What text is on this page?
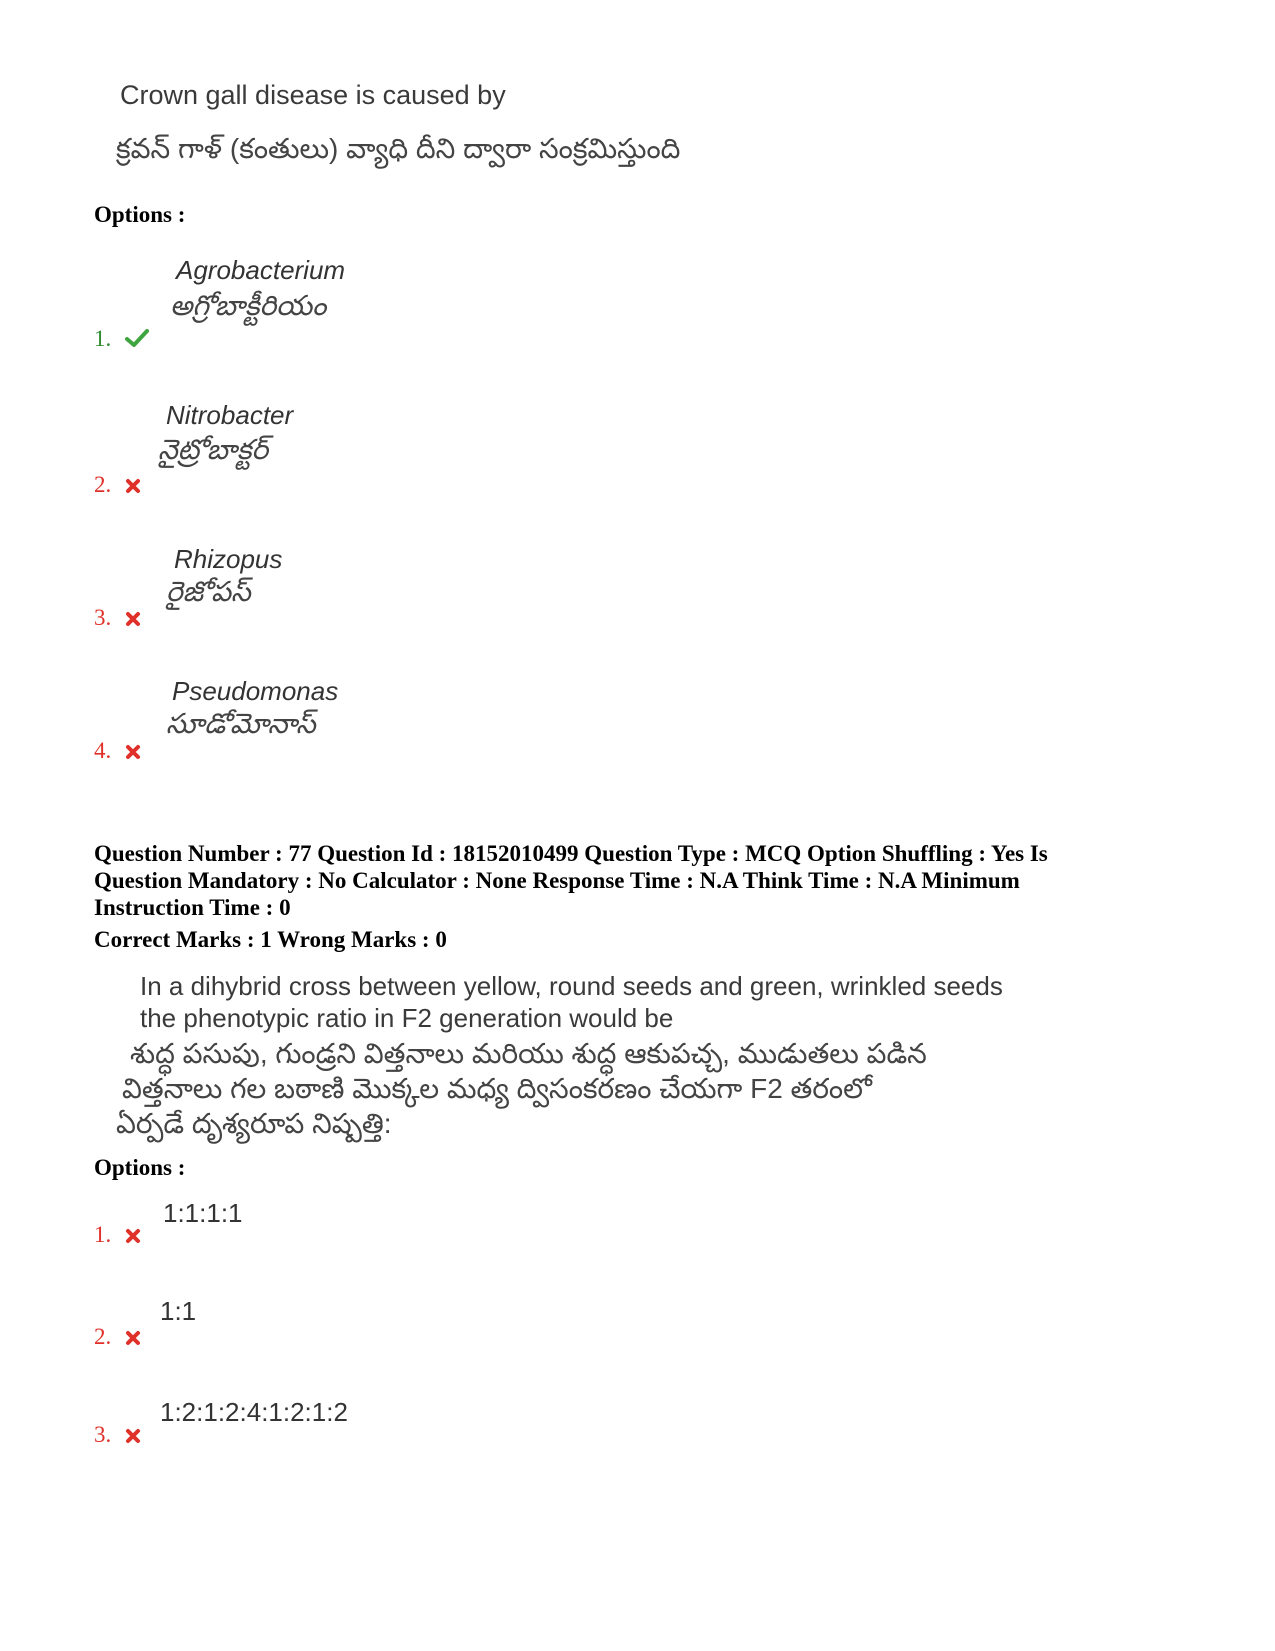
Crown gall disease is caused by
క్రవన్ గాళ్ (కంతులు) వ్యాధి దీని ద్వారా సంక్రమిస్తుంది
Options :
Agrobacterium
అగ్రోబాక్టీరియం
1.
Nitrobacter
నైట్రోబాక్టర్
2.
Rhizopus
రైజోపస్
3.
Pseudomonas
సూడోమోనాస్
4.
Question Number : 77 Question Id : 18152010499 Question Type : MCQ Option Shuffling : Yes Is Question Mandatory : No Calculator : None Response Time : N.A Think Time : N.A Minimum Instruction Time : 0
Correct Marks : 1 Wrong Marks : 0
In a dihybrid cross between yellow, round seeds and green, wrinkled seeds
the phenotypic ratio in F2 generation would be
శుద్ధ పసుపు, గుండ్రని విత్తనాలు మరియు శుద్ధ ఆకుపచ్చ, ముడుతలు పడిన
విత్తనాలు గల బఠాణి మొక్కల మధ్య ద్విసంకరణం చేయగా F2 తరంలో
ఏర్పడే దృశ్యరూప నిష్పత్తి:
Options :
1:1:1:1
1.
1:1
2.
1:2:1:2:4:1:2:1:2
3.
